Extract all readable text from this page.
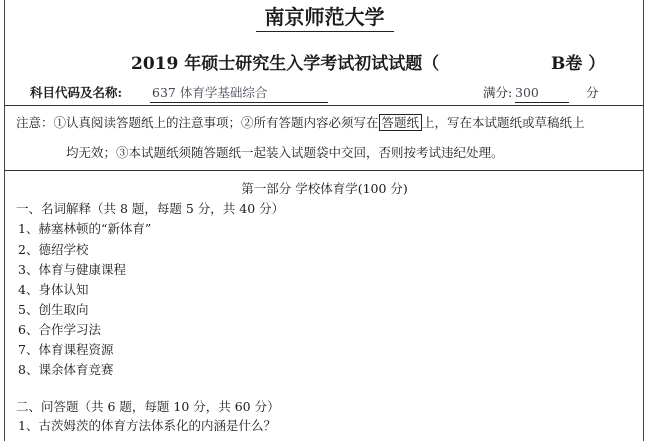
南京师范大学
2019 年硕士研究生入学考试初试试题（	B卷 ）
科目代码及名称: 637 体育学基础综合	满分: 300	分
注意：①认真阅读答题纸上的注意事项；②所有答题内容必须写在 答题纸 上，写在本试题纸或草稿纸上
均无效；③本试题纸须随答题纸一起装入试题袋中交回，否则按考试违纪处理。
第一部分 学校体育学(100 分)
一、名词解释（共 8 题，每题 5 分，共 40 分）
1、赫塞林顿的“新体育”
2、德绍学校
3、体育与健康课程
4、身体认知
5、创生取向
6、合作学习法
7、体育课程资源
8、课余体育竞赛
二、问答题（共 6 题，每题 10 分，共 60 分）
1、古茨姆茨的体育方法体系化的内涵是什么？
